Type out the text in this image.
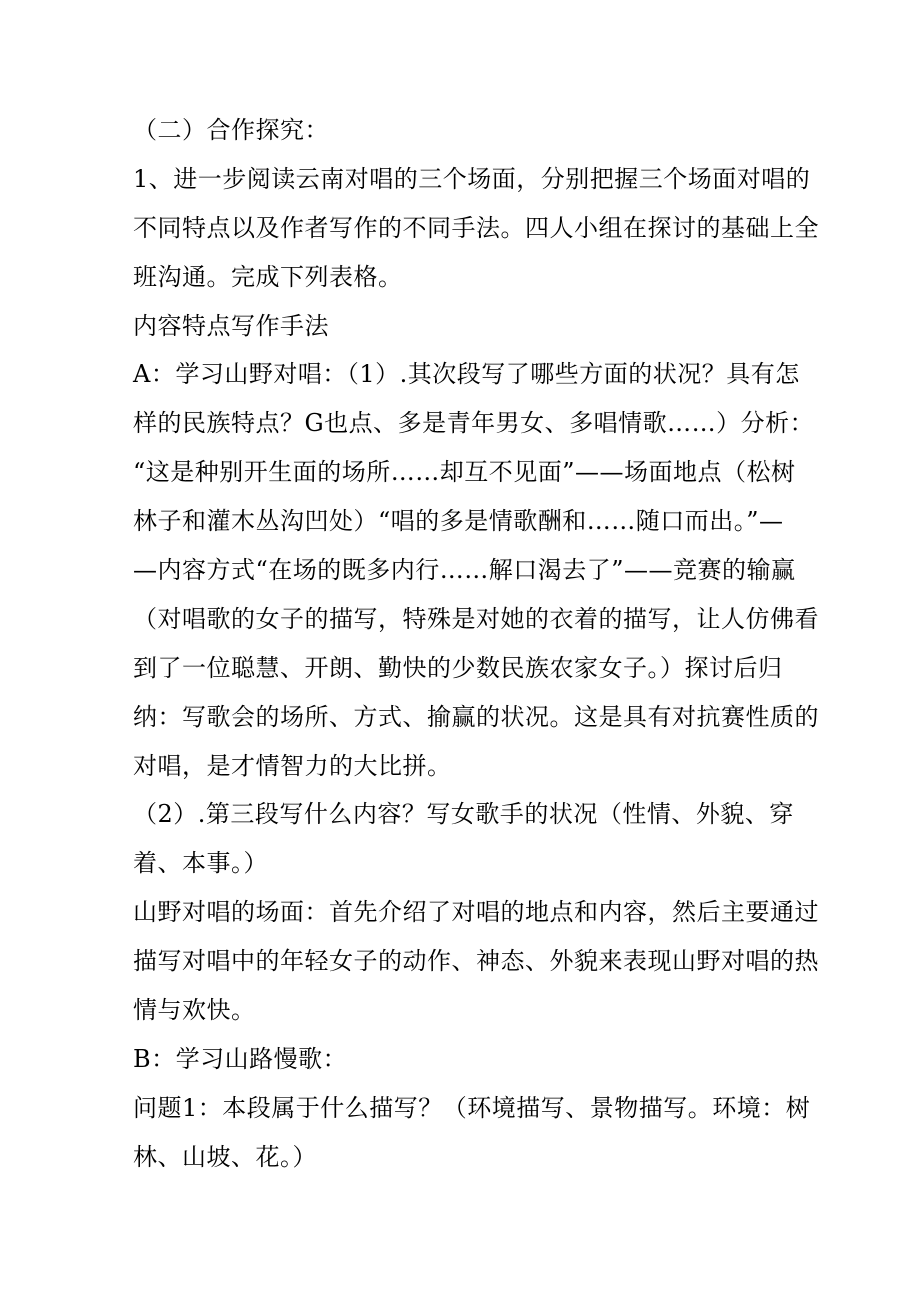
（二）合作探究：
1、进一步阅读云南对唱的三个场面，分别把握三个场面对唱的
不同特点以及作者写作的不同手法。四人小组在探讨的基础上全
班沟通。完成下列表格。
内容特点写作手法
A：学习山野对唱：（1）.其次段写了哪些方面的状况？具有怎
样的民族特点？G也点、多是青年男女、多唱情歌……）分析：
“这是种别开生面的场所……却互不见面”——场面地点（松树
林子和灌木丛沟凹处）“唱的多是情歌酬和……随口而出。”—
—内容方式“在场的既多内行……解口渴去了”——竞赛的输赢
（对唱歌的女子的描写，特殊是对她的衣着的描写，让人仿佛看
到了一位聪慧、开朗、勤快的少数民族农家女子。）探讨后归
纳：写歌会的场所、方式、揄赢的状况。这是具有对抗赛性质的
对唱，是才情智力的大比拼。
（2）.第三段写什么内容？写女歌手的状况（性情、外貌、穿
着、本事。）
山野对唱的场面：首先介绍了对唱的地点和内容，然后主要通过
描写对唱中的年轻女子的动作、神态、外貌来表现山野对唱的热
情与欢快。
B：学习山路慢歌：
问题1：本段属于什么描写？（环境描写、景物描写。环境：树
林、山坡、花。）
